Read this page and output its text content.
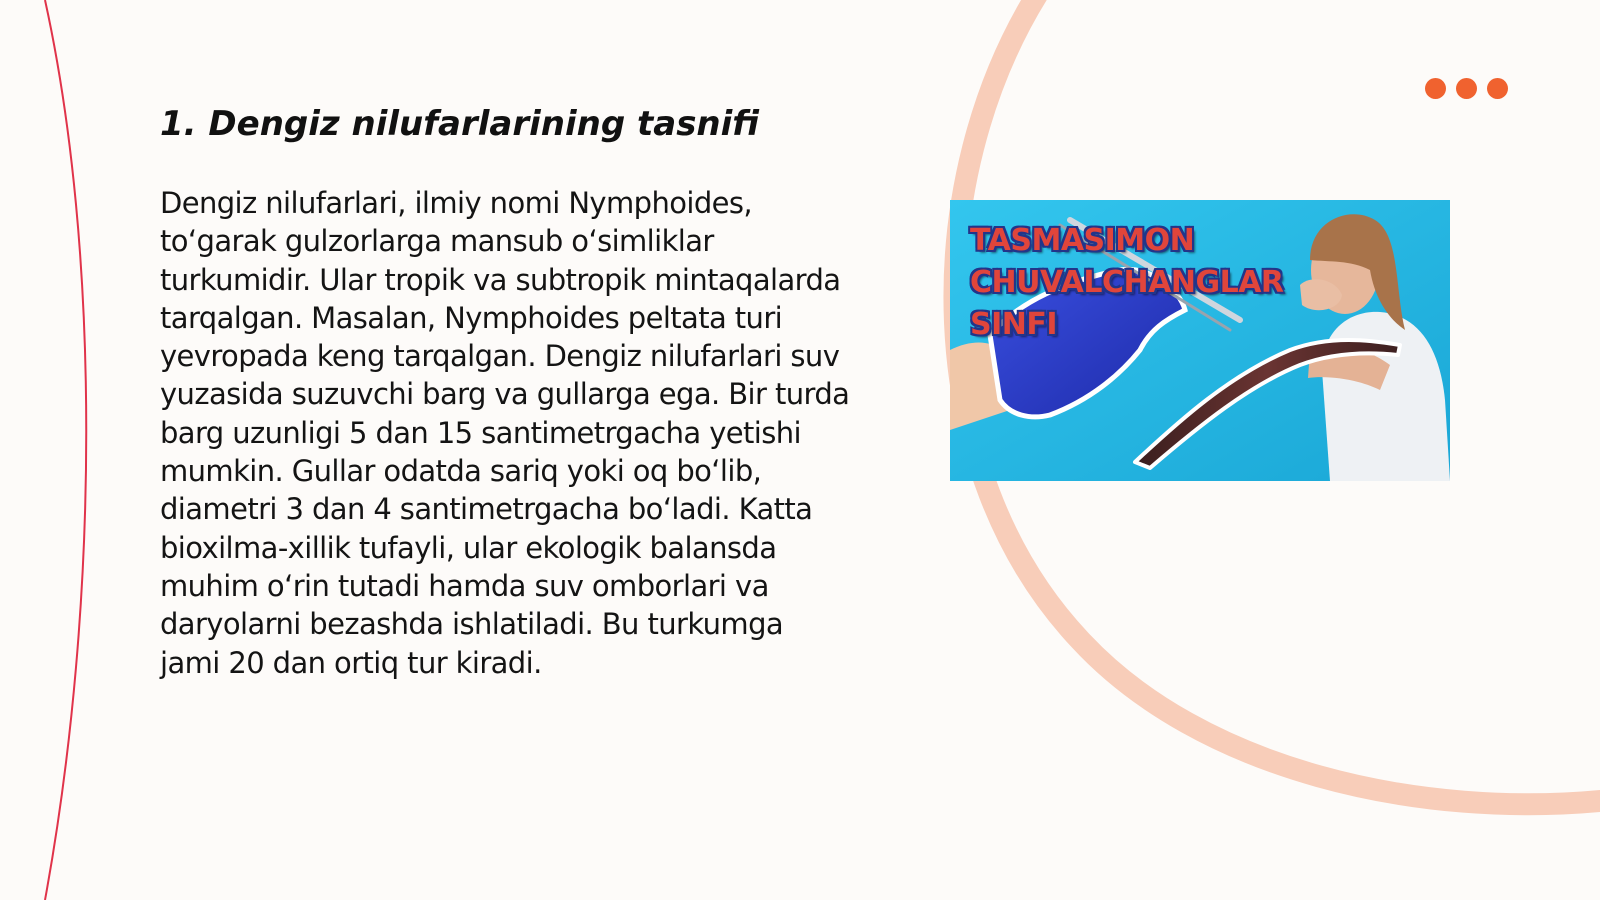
1. Dengiz nilufarlarining tasnifi

Dengiz nilufarlari, ilmiy nomi Nymphoides, to‘garak gulzorlarga mansub o‘simliklar turkumidir. Ular tropik va subtropik mintaqalarda tarqalgan. Masalan, Nymphoides peltata turi yevropada keng tarqalgan. Dengiz nilufarlari suv yuzasida suzuvchi barg va gullarga ega. Bir turda barg uzunligi 5 dan 15 santimetrgacha yetishi mumkin. Gullar odatda sariq yoki oq bo‘lib, diametri 3 dan 4 santimetrgacha bo‘ladi. Katta bioxilma-xillik tufayli, ular ekologik balansda muhim o‘rin tutadi hamda suv omborlari va daryolarni bezashda ishlatiladi. Bu turkumga jami 20 dan ortiq tur kiradi.

TASMASIMON
CHUVALCHANGLAR
SINFI
